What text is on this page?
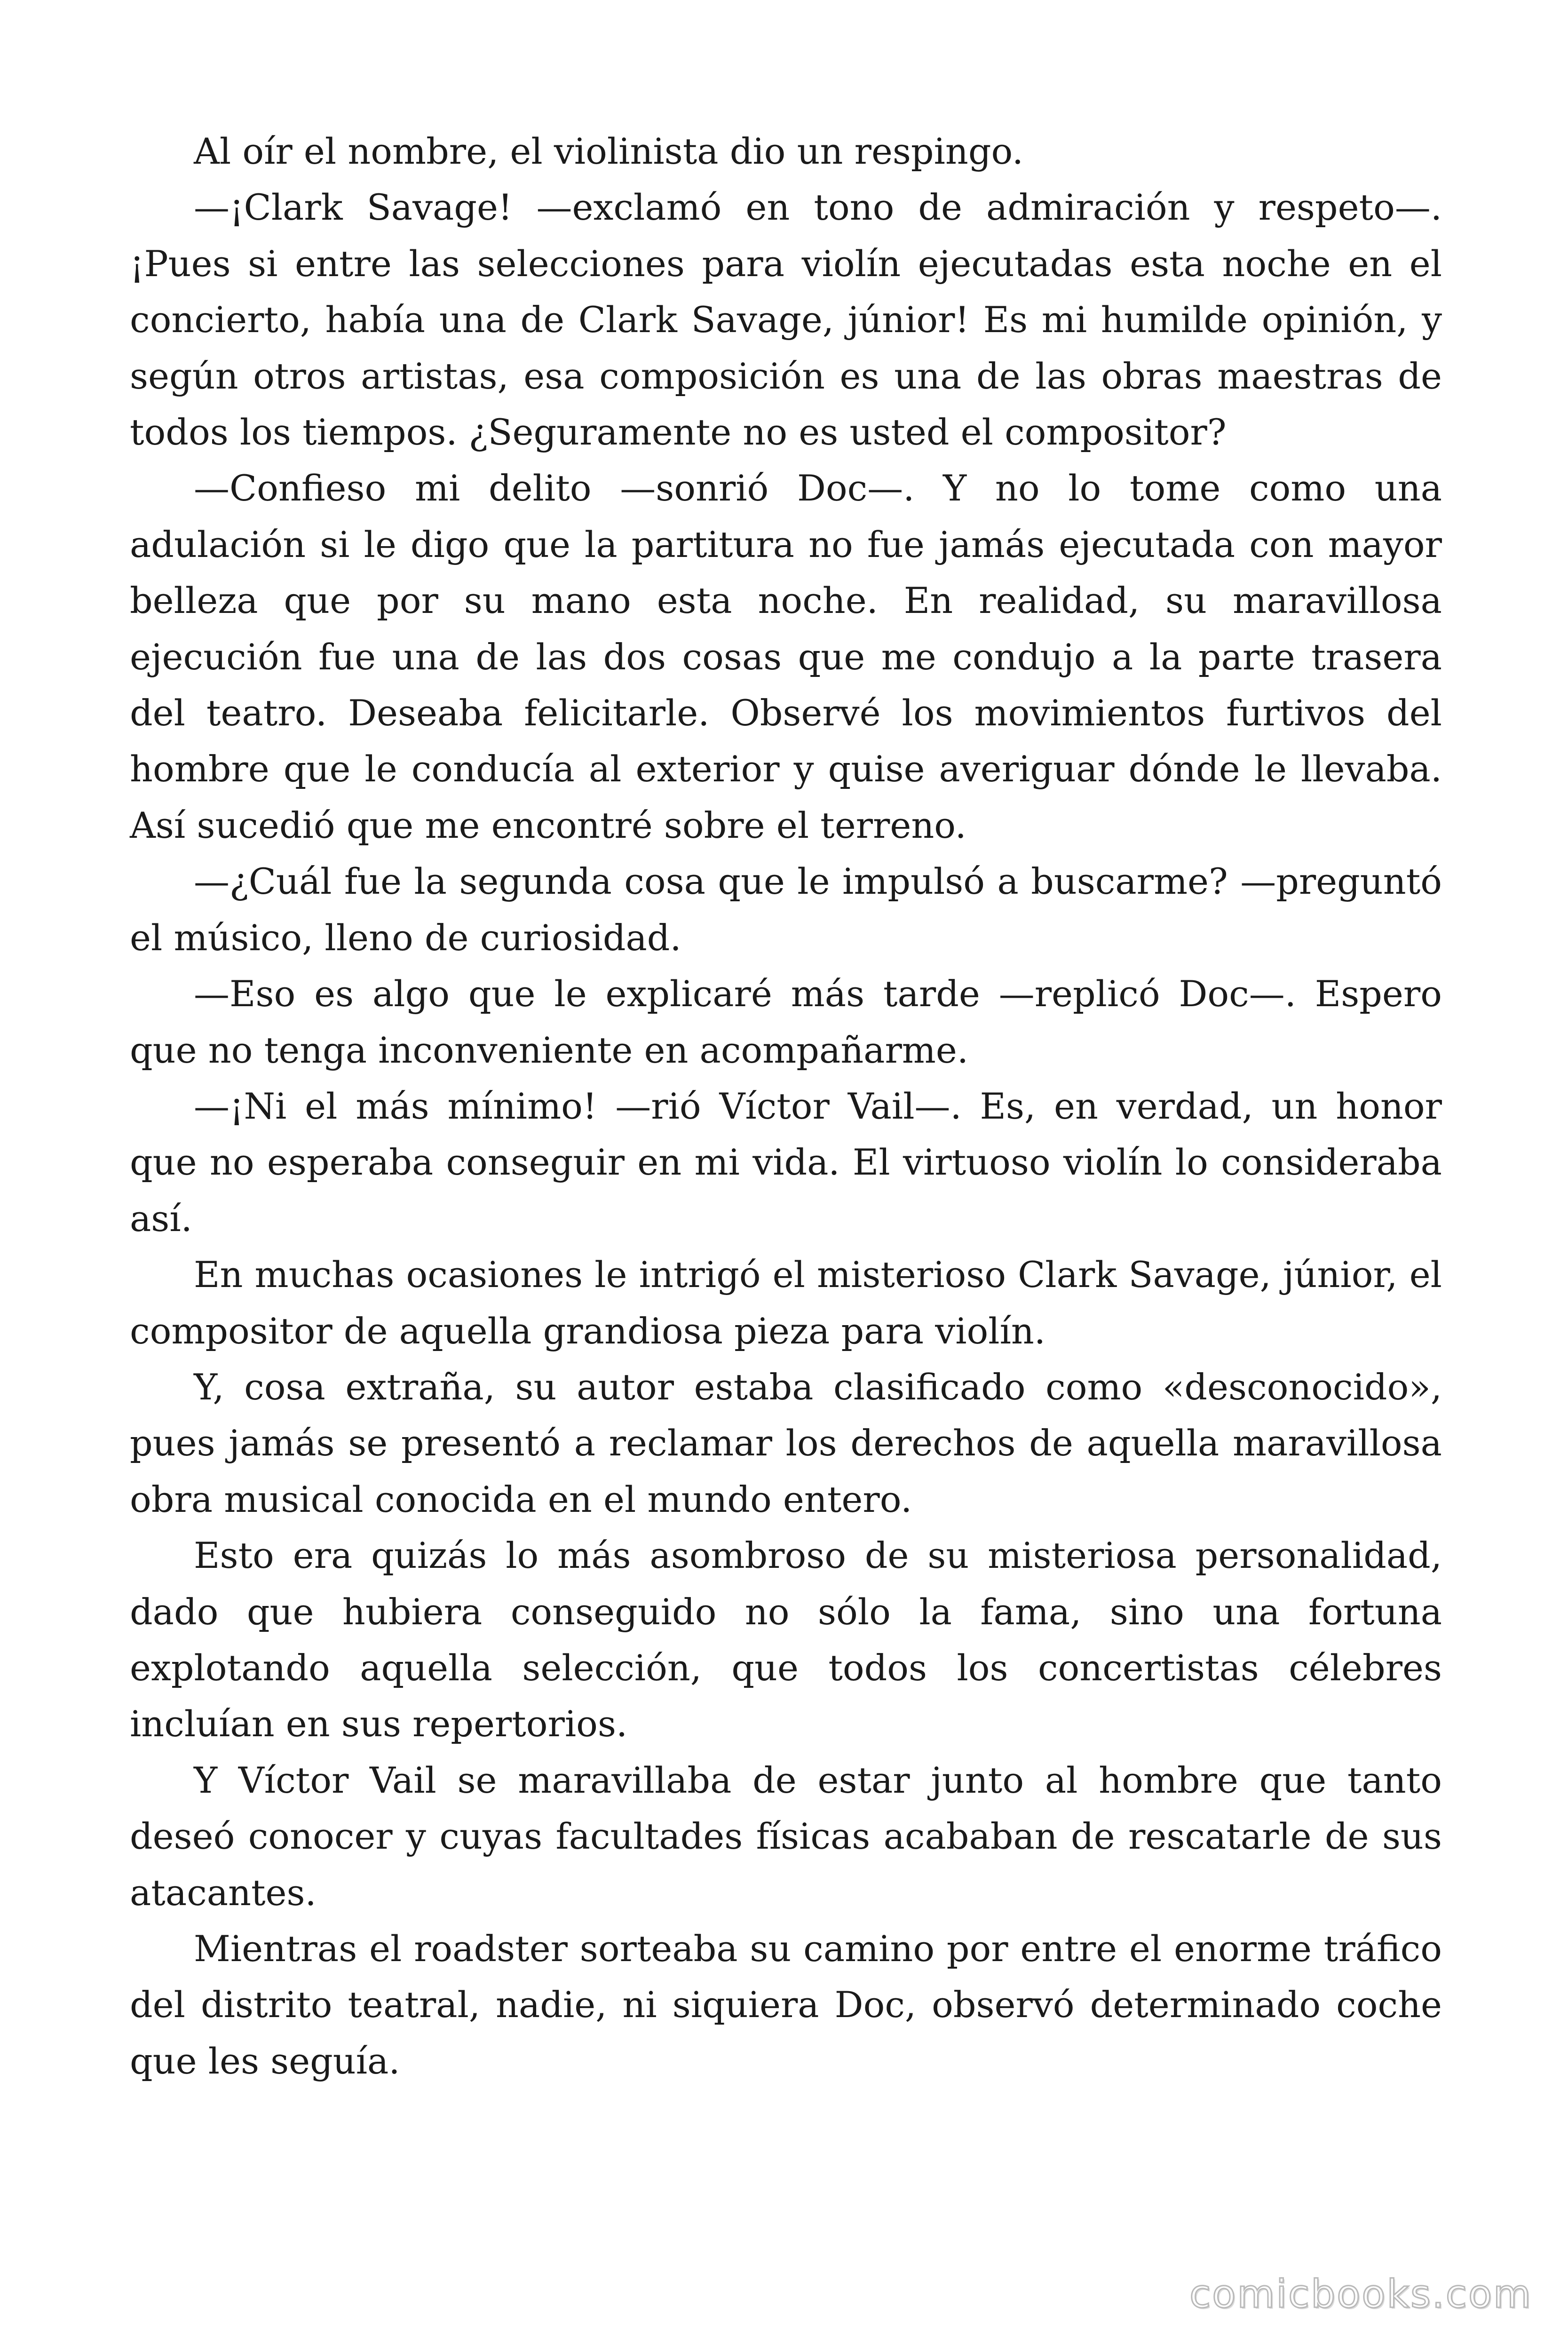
Al oír el nombre, el violinista dio un respingo.

—¡Clark Savage! —exclamó en tono de admiración y respeto—. ¡Pues si entre las selecciones para violín ejecutadas esta noche en el concierto, había una de Clark Savage, júnior! Es mi humilde opinión, y según otros artistas, esa composición es una de las obras maestras de todos los tiempos. ¿Seguramente no es usted el compositor?

—Confieso mi delito —sonrió Doc—. Y no lo tome como una adulación si le digo que la partitura no fue jamás ejecutada con mayor belleza que por su mano esta noche. En realidad, su maravillosa ejecución fue una de las dos cosas que me condujo a la parte trasera del teatro. Deseaba felicitarle. Observé los movimientos furtivos del hombre que le conducía al exterior y quise averiguar dónde le llevaba. Así sucedió que me encontré sobre el terreno.

—¿Cuál fue la segunda cosa que le impulsó a buscarme? —preguntó el músico, lleno de curiosidad.

—Eso es algo que le explicaré más tarde —replicó Doc—. Espero que no tenga inconveniente en acompañarme.

—¡Ni el más mínimo! —rió Víctor Vail—. Es, en verdad, un honor que no esperaba conseguir en mi vida. El virtuoso violín lo consideraba así.

En muchas ocasiones le intrigó el misterioso Clark Savage, júnior, el compositor de aquella grandiosa pieza para violín.

Y, cosa extraña, su autor estaba clasificado como «desconocido», pues jamás se presentó a reclamar los derechos de aquella maravillosa obra musical conocida en el mundo entero.

Esto era quizás lo más asombroso de su misteriosa personalidad, dado que hubiera conseguido no sólo la fama, sino una fortuna explotando aquella selección, que todos los concertistas célebres incluían en sus repertorios.

Y Víctor Vail se maravillaba de estar junto al hombre que tanto deseó conocer y cuyas facultades físicas acababan de rescatarle de sus atacantes.

Mientras el roadster sorteaba su camino por entre el enorme tráfico del distrito teatral, nadie, ni siquiera Doc, observó determinado coche que les seguía.

comicbooks.com
